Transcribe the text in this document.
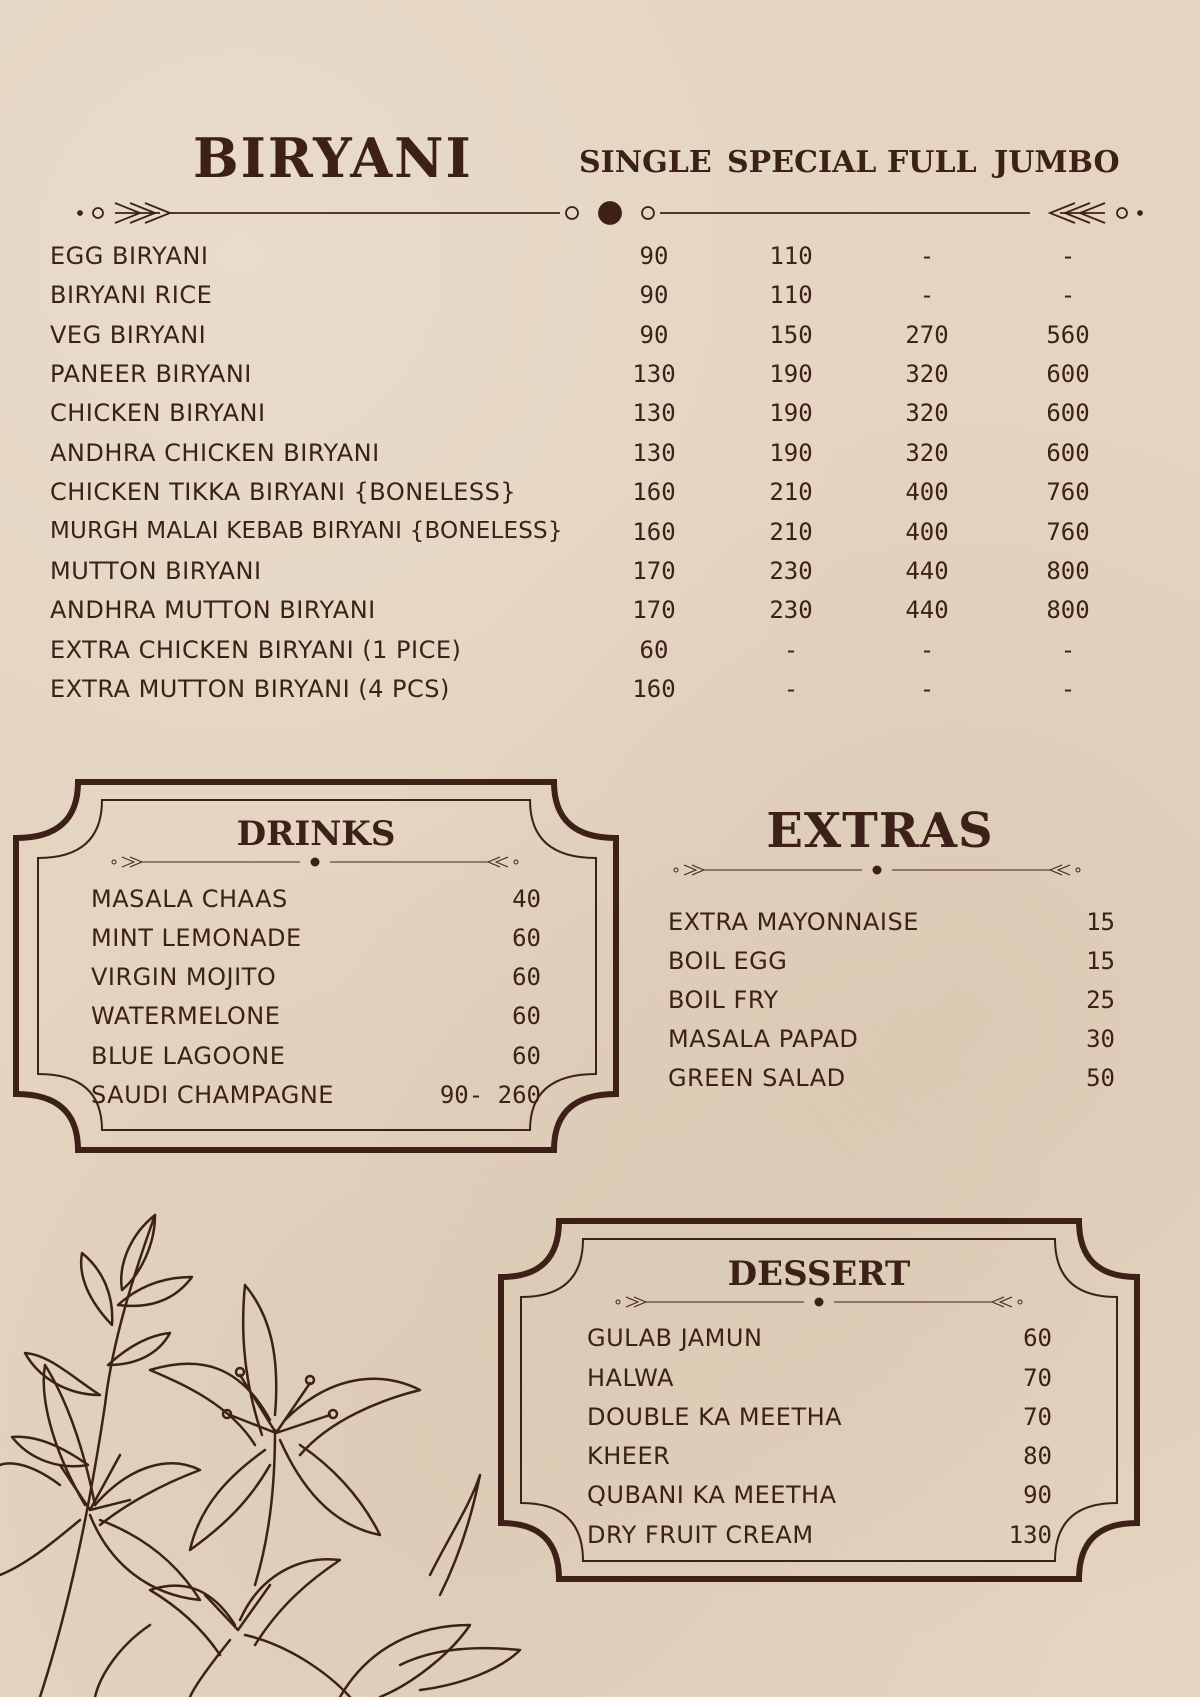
BIRYANI	SINGLE SPECIAL FULL JUMBO
EGG BIRYANI	90	110	-	-
BIRYANI RICE	90	110	-	-
VEG BIRYANI	90	150	270	560
PANEER BIRYANI	130	190	320	600
CHICKEN BIRYANI	130	190	320	600
ANDHRA CHICKEN BIRYANI	130	190	320	600
CHICKEN TIKKA BIRYANI {BONELESS}	160	210	400	760
MURGH MALAI KEBAB BIRYANI {BONELESS}	160	210	400	760
MUTTON BIRYANI	170	230	440	800
ANDHRA MUTTON BIRYANI	170	230	440	800
EXTRA CHICKEN BIRYANI (1 PICE)	60	-	-	-
EXTRA MUTTON BIRYANI (4 PCS)	160	-	-	-
DRINKS
MASALA CHAAS	40
MINT LEMONADE	60
VIRGIN MOJITO	60
WATERMELONE	60
BLUE LAGOONE	60
SAUDI CHAMPAGNE	90- 260
EXTRAS
EXTRA MAYONNAISE	15
BOIL EGG	15
BOIL FRY	25
MASALA PAPAD	30
GREEN SALAD	50
DESSERT
GULAB JAMUN	60
HALWA	70
DOUBLE KA MEETHA	70
KHEER	80
QUBANI KA MEETHA	90
DRY FRUIT CREAM	130
